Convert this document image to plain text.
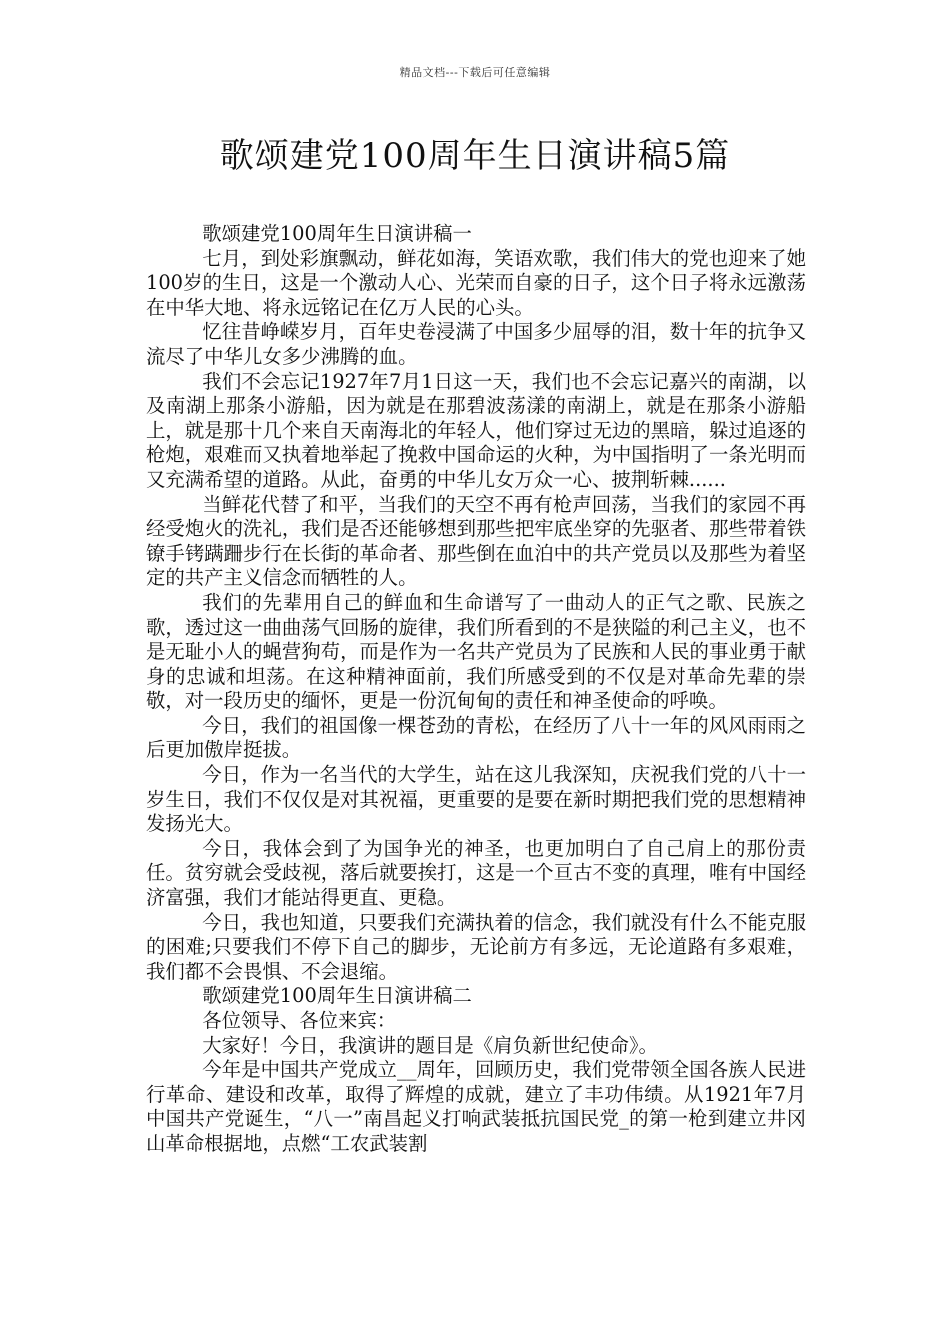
精品文档---下载后可任意编辑
歌颂建党100周年生日演讲稿5篇

歌颂建党100周年生日演讲稿一

七月，到处彩旗飘动，鲜花如海，笑语欢歌，我们伟大的党也迎来了她100岁的生日，这是一个激动人心、光荣而自豪的日子，这个日子将永远激荡在中华大地、将永远铭记在亿万人民的心头。

忆往昔峥嵘岁月，百年史卷浸满了中国多少屈辱的泪，数十年的抗争又流尽了中华儿女多少沸腾的血。

我们不会忘记1927年7月1日这一天，我们也不会忘记嘉兴的南湖，以及南湖上那条小游船，因为就是在那碧波荡漾的南湖上，就是在那条小游船上，就是那十几个来自天南海北的年轻人，他们穿过无边的黑暗，躲过追逐的枪炮，艰难而又执着地举起了挽救中国命运的火种，为中国指明了一条光明而又充满希望的道路。从此，奋勇的中华儿女万众一心、披荆斩棘......

当鲜花代替了和平，当我们的天空不再有枪声回荡，当我们的家园不再经受炮火的洗礼，我们是否还能够想到那些把牢底坐穿的先驱者、那些带着铁镣手铐蹒跚步行在长街的革命者、那些倒在血泊中的共产党员以及那些为着坚定的共产主义信念而牺牲的人。

我们的先辈用自己的鲜血和生命谱写了一曲动人的正气之歌、民族之歌，透过这一曲曲荡气回肠的旋律，我们所看到的不是狭隘的利己主义，也不是无耻小人的蝇营狗苟，而是作为一名共产党员为了民族和人民的事业勇于献身的忠诚和坦荡。在这种精神面前，我们所感受到的不仅是对革命先辈的崇敬，对一段历史的缅怀，更是一份沉甸甸的责任和神圣使命的呼唤。

今日，我们的祖国像一棵苍劲的青松，在经历了八十一年的风风雨雨之后更加傲岸挺拔。

今日，作为一名当代的大学生，站在这儿我深知，庆祝我们党的八十一岁生日，我们不仅仅是对其祝福，更重要的是要在新时期把我们党的思想精神发扬光大。

今日，我体会到了为国争光的神圣，也更加明白了自己肩上的那份责任。贫穷就会受歧视，落后就要挨打，这是一个亘古不变的真理，唯有中国经济富强，我们才能站得更直、更稳。

今日，我也知道，只要我们充满执着的信念，我们就没有什么不能克服的困难;只要我们不停下自己的脚步，无论前方有多远，无论道路有多艰难，我们都不会畏惧、不会退缩。

歌颂建党100周年生日演讲稿二

各位领导、各位来宾：

大家好！今日，我演讲的题目是《肩负新世纪使命》。

今年是中国共产党成立__周年，回顾历史，我们党带领全国各族人民进行革命、建设和改革，取得了辉煌的成就，建立了丰功伟绩。从1921年7月中国共产党诞生，“八一”南昌起义打响武装抵抗国民党_的第一枪到建立井冈山革命根据地，点燃“工农武装割
